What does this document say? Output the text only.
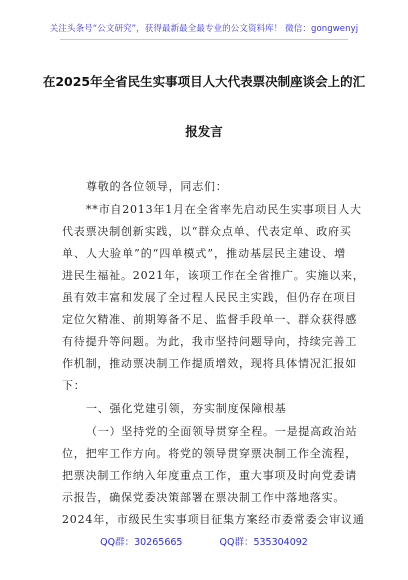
关注头条号“公文研究”，获得最新最全最专业的公文资料库！ 微信：gongwenyj
在2025年全省民生实事项目人大代表票决制座谈会上的汇
报发言
尊敬的各位领导，同志们：
**市自2013年1月在全省率先启动民生实事项目人大
代表票决制创新实践，以“群众点单、代表定单、政府买
单、人大验单”的“四单模式”，推动基层民主建设、增
进民生福祉。2021年，该项工作在全省推广。实施以来，
虽有效丰富和发展了全过程人民民主实践，但仍存在项目
定位欠精准、前期筹备不足、监督手段单一、群众获得感
有待提升等问题。为此，我市坚持问题导向，持续完善工
作机制，推动票决制工作提质增效，现将具体情况汇报如
下：
一、强化党建引领，夯实制度保障根基
（一）坚持党的全面领导贯穿全程。一是提高政治站
位，把牢工作方向。将党的领导贯穿票决制工作全流程，
把票决制工作纳入年度重点工作，重大事项及时向党委请
示报告，确保党委决策部署在票决制工作中落地落实。
2024年，市级民生实事项目征集方案经市委常委会审议通
QQ群：30265665	QQ群：535304092
